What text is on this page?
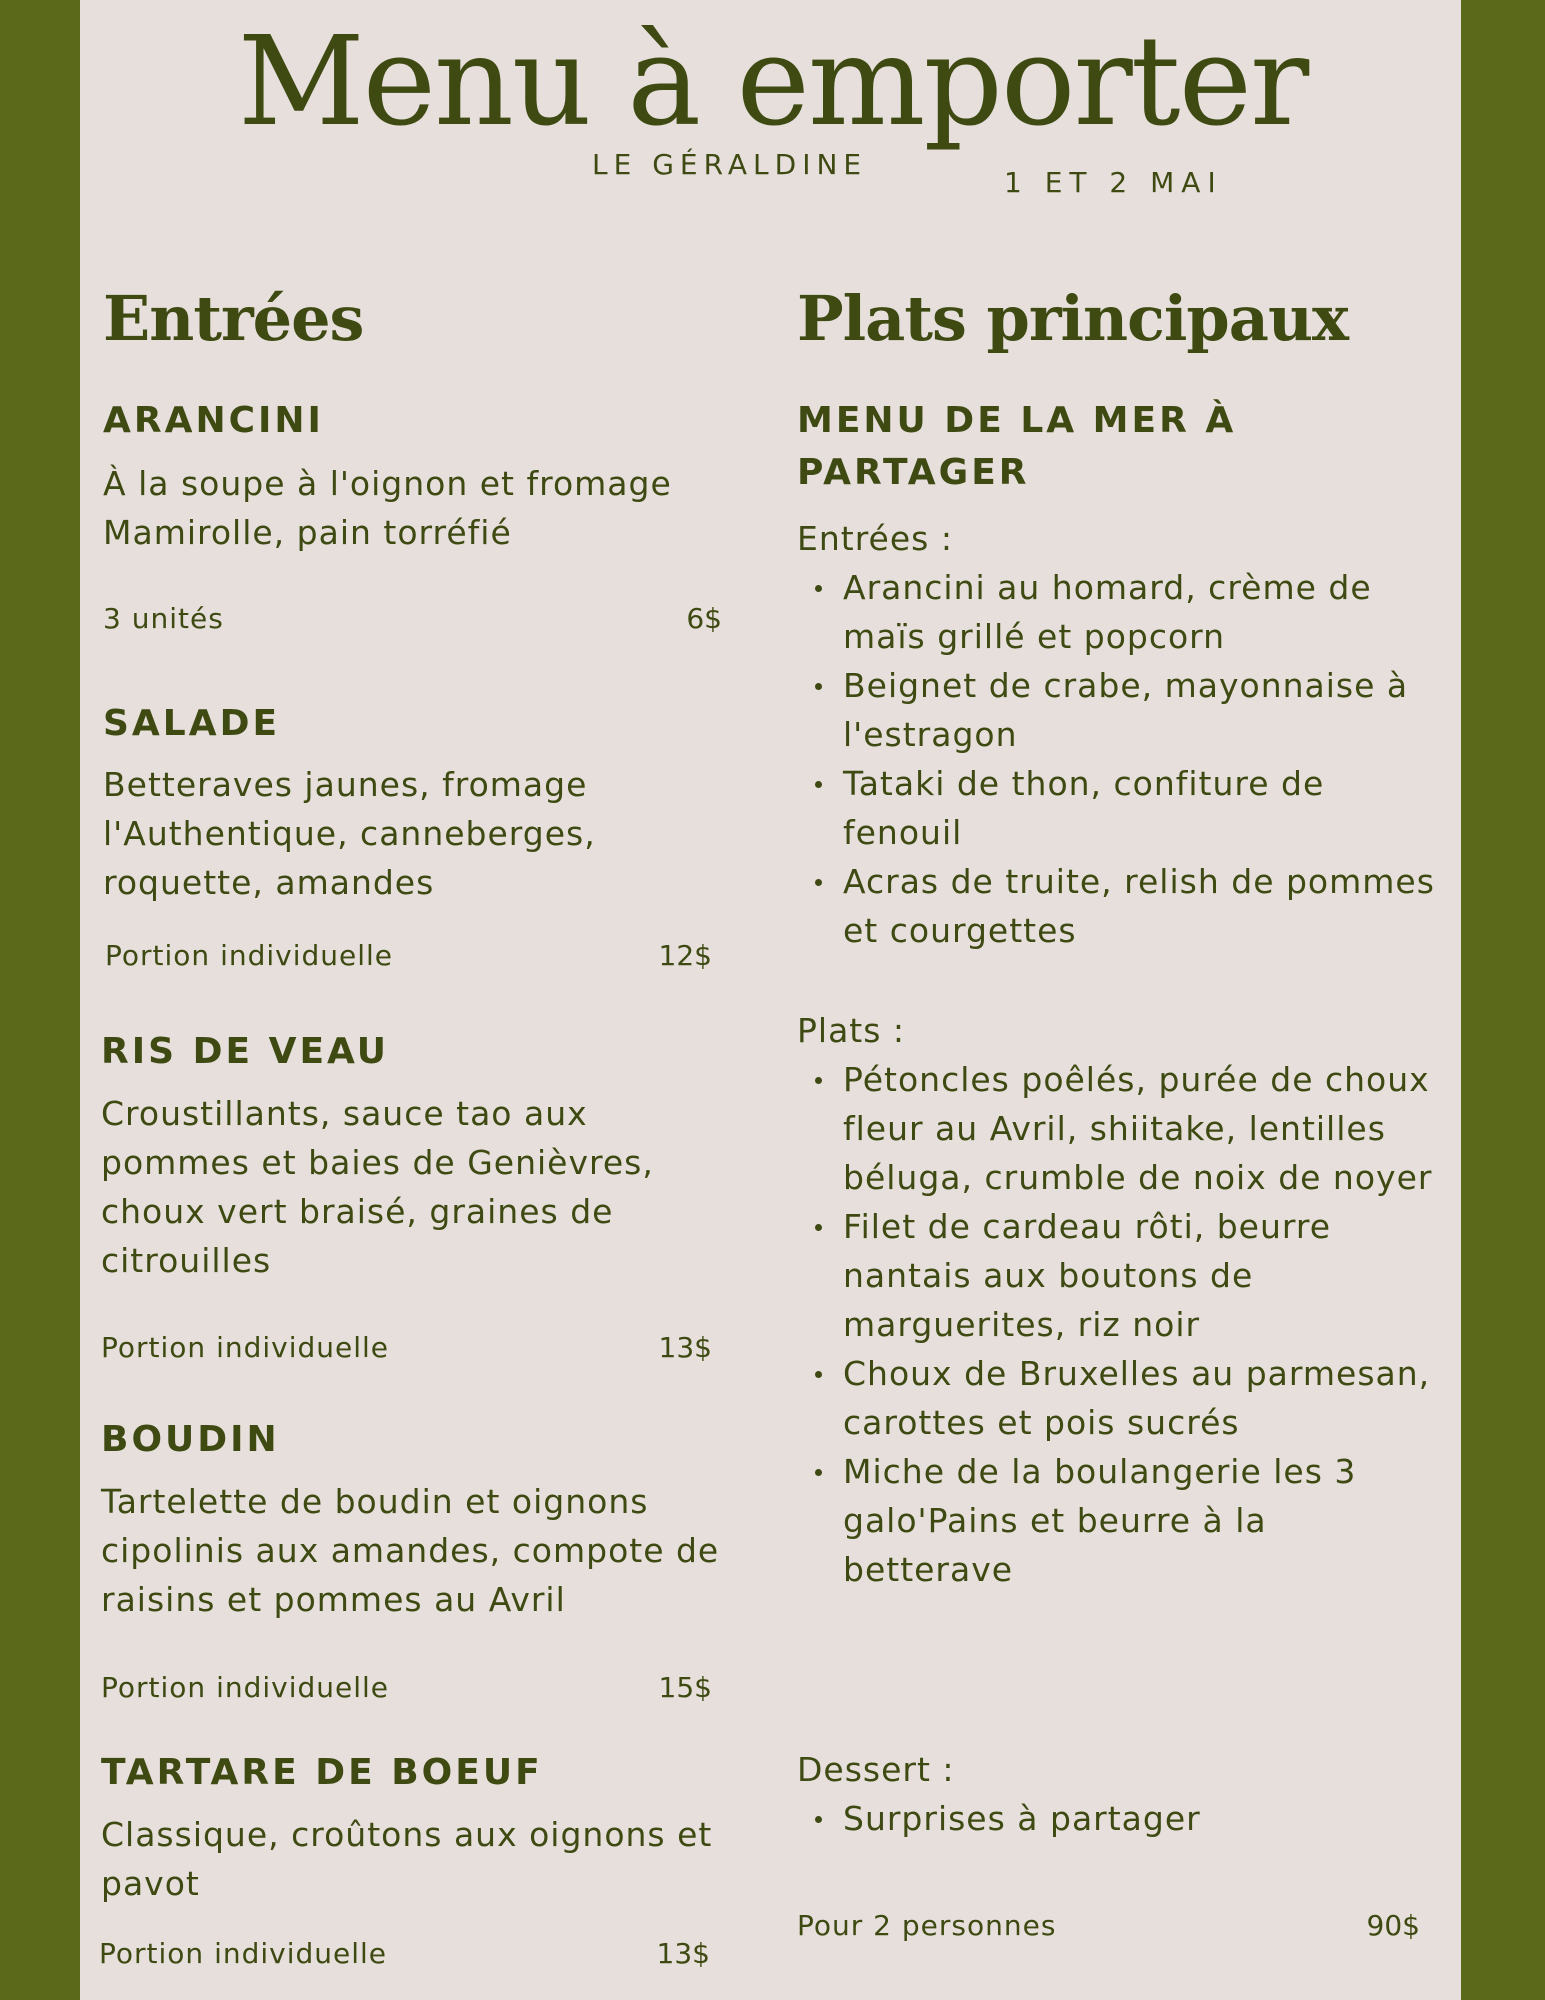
Menu à emporter
LE GÉRALDINE
1 ET 2 MAI
Entrées
ARANCINI

À la soupe à l'oignon et fromage Mamirolle, pain torréfié

3 unités	6$
SALADE

Betteraves jaunes, fromage l'Authentique, canneberges, roquette, amandes

Portion individuelle	12$
RIS DE VEAU

Croustillants, sauce tao aux pommes et baies de Genièvres, choux vert braisé, graines de citrouilles

Portion individuelle	13$
BOUDIN

Tartelette de boudin et oignons cipolinis aux amandes, compote de raisins et pommes au Avril

Portion individuelle	15$
TARTARE DE BOEUF

Classique, croûtons aux oignons et pavot

Portion individuelle	13$
Plats principaux
MENU DE LA MER À PARTAGER
Entrées :
Arancini au homard, crème de maïs grillé et popcorn
Beignet de crabe, mayonnaise à l'estragon
Tataki de thon, confiture de fenouil
Acras de truite, relish de pommes et courgettes
Plats :
Pétoncles poêlés, purée de choux fleur au Avril, shiitake, lentilles béluga, crumble de noix de noyer
Filet de cardeau rôti, beurre nantais aux boutons de marguerites, riz noir
Choux de Bruxelles au parmesan, carottes et pois sucrés
Miche de la boulangerie les 3 galo'Pains et beurre à la betterave
Dessert :
Surprises à partager
Pour 2 personnes	90$
